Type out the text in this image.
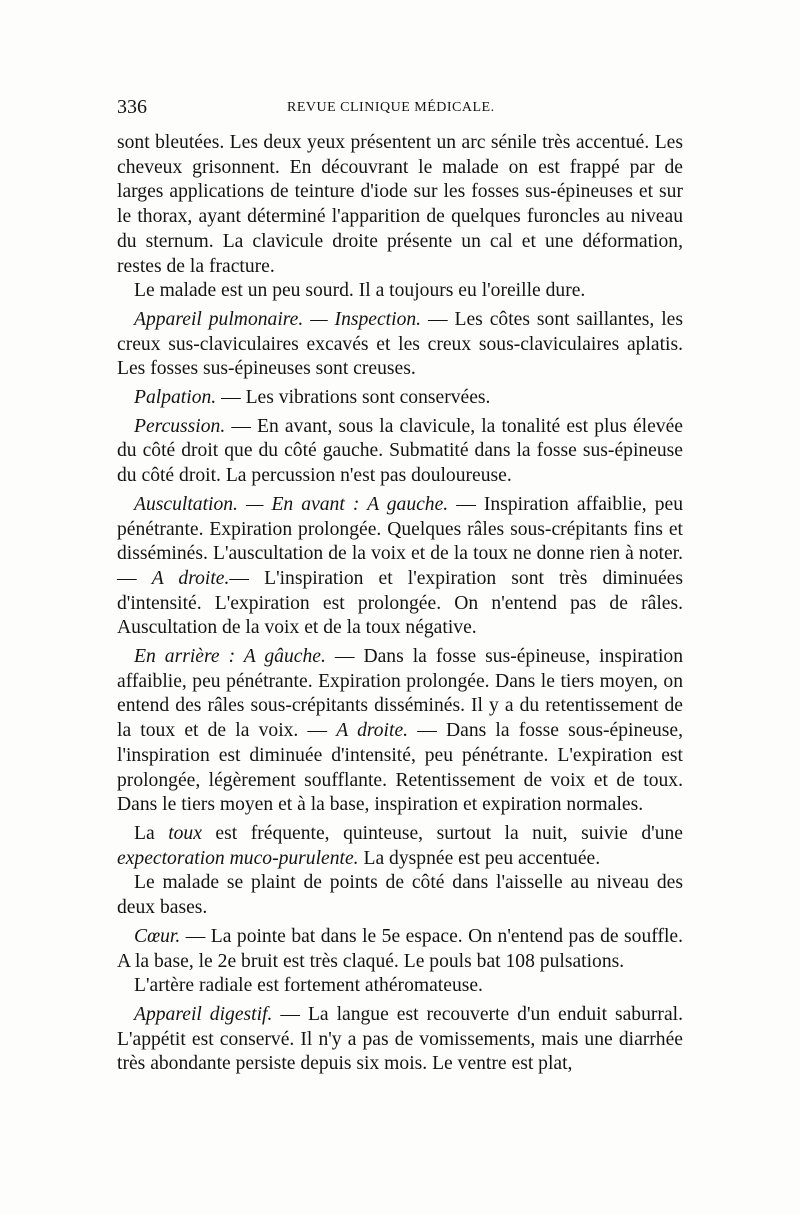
336	REVUE CLINIQUE MÉDICALE.

sont bleutées. Les deux yeux présentent un arc sénile très accentué. Les cheveux grisonnent. En découvrant le malade on est frappé par de larges applications de teinture d'iode sur les fosses sus-épineuses et sur le thorax, ayant déterminé l'apparition de quelques furoncles au niveau du sternum. La clavicule droite présente un cal et une déformation, restes de la fracture.

Le malade est un peu sourd. Il a toujours eu l'oreille dure.

Appareil pulmonaire. — Inspection. — Les côtes sont saillantes, les creux sus-claviculaires excavés et les creux sous-claviculaires aplatis. Les fosses sus-épineuses sont creuses.

Palpation. — Les vibrations sont conservées.

Percussion. — En avant, sous la clavicule, la tonalité est plus élevée du côté droit que du côté gauche. Submatité dans la fosse sus-épineuse du côté droit. La percussion n'est pas douloureuse.

Auscultation. — En avant : A gauche. — Inspiration affaiblie, peu pénétrante. Expiration prolongée. Quelques râles sous-crépitants fins et disséminés. L'auscultation de la voix et de la toux ne donne rien à noter. — A droite.— L'inspiration et l'expiration sont très diminuées d'intensité. L'expiration est prolongée. On n'entend pas de râles. Auscultation de la voix et de la toux négative.

En arrière : A gâuche. — Dans la fosse sus-épineuse, inspiration affaiblie, peu pénétrante. Expiration prolongée. Dans le tiers moyen, on entend des râles sous-crépitants disséminés. Il y a du retentissement de la toux et de la voix. — A droite. — Dans la fosse sous-épineuse, l'inspiration est diminuée d'intensité, peu pénétrante. L'expiration est prolongée, légèrement soufflante. Retentissement de voix et de toux. Dans le tiers moyen et à la base, inspiration et expiration normales.

La toux est fréquente, quinteuse, surtout la nuit, suivie d'une expectoration muco-purulente. La dyspnée est peu accentuée.

Le malade se plaint de points de côté dans l'aisselle au niveau des deux bases.

Cœur. — La pointe bat dans le 5e espace. On n'entend pas de souffle. A la base, le 2e bruit est très claqué. Le pouls bat 108 pulsations.

L'artère radiale est fortement athéromateuse.

Appareil digestif. — La langue est recouverte d'un enduit saburral. L'appétit est conservé. Il n'y a pas de vomissements, mais une diarrhée très abondante persiste depuis six mois. Le ventre est plat,
